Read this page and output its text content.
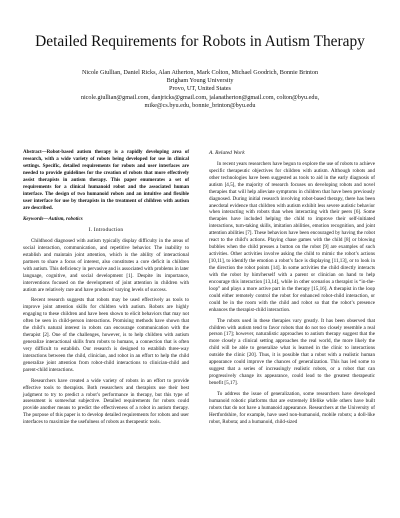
Detailed Requirements for Robots in Autism Therapy
Nicole Giullian, Daniel Ricks, Alan Atherton, Mark Colton, Michael Goodrich, Bonnie Brinton
Brigham Young University
Provo, UT, United States
nicole.giullian@gmail.com, danjricks@gmail.com, jalanatherton@gmail.com, colton@byu.edu,
mike@cs.byu.edu, bonnie_brinton@byu.edu

Abstract—Robot-based autism therapy is a rapidly developing area of research, with a wide variety of robots being developed for use in clinical settings. Specific, detailed requirements for robots and user interfaces are needed to provide guidelines for the creation of robots that more effectively assist therapists in autism therapy. This paper enumerates a set of requirements for a clinical humanoid robot and the associated human interface. The design of two humanoid robots and an intuitive and flexible user interface for use by therapists in the treatment of children with autism are described.

Keywords—Autism, robotics

I. Introduction

Childhood diagnosed with autism typically display difficulty in the areas of social interaction, communication, and repetitive behavior. The inability to establish and maintain joint attention, which is the ability of interactional partners to share a focus of interest, also constitutes a core deficit in children with autism. This deficiency in pervasive and is associated with problems in later language, cognitive, and social development [1]. Despite its importance, interventions focused on the development of joint attention in children with autism are relatively rare and have produced varying levels of success.

Recent research suggests that robots may be used effectively as tools to improve joint attention skills for children with autism. Robots are highly engaging to these children and have been shown to elicit behaviors that may not often be seen in child-person interactions. Promising methods have shown that the child’s natural interest in robots can encourage communication with the therapist [2]. One of the challenges, however, is to help children with autism generalize interactional skills from robots to humans, a connection that is often very difficult to establish. Our research is designed to establish three-way interactions between the child, clinician, and robot in an effort to help the child generalize joint attention from robot-child interactions to clinician-child and parent-child interactions.

Researchers have created a wide variety of robots in an effort to provide effective tools to therapists. Both researchers and therapists use their best judgment to try to predict a robot’s performance in therapy, but this type of assessment is somewhat subjective. Detailed requirements for robots could provide another means to predict the effectiveness of a robot in autism therapy. The purpose of this paper is to develop detailed requirements for robots and user interfaces to maximize the usefulness of robots as therapeutic tools.

A. Related Work

In recent years researchers have begun to explore the use of robots to achieve specific therapeutic objectives for children with autism. Although robots and other technologies have been suggested as tools to aid in the early diagnosis of autism [4,5], the majority of research focuses on developing robots and novel therapies that will help alleviate symptoms in children that have been previously diagnosed. During initial research involving robot-based therapy, there has been anecdotal evidence that children with autism exhibit less severe autistic behavior when interacting with robots than when interacting with their peers [6]. Some therapies have included helping the child to improve their self-initiated interactions, turn-taking skills, imitation abilities, emotion recognition, and joint attention abilities [7]. These behaviors have been encouraged by having the robot react to the child’s actions. Playing chase games with the child [8] or blowing bubbles when the child presses a button on the robot [9] are examples of such activities. Other activities involve asking the child to mimic the robot’s actions [10,11], to identify the emotion a robot’s face is displaying [11,13], or to look in the direction the robot points [14]. In some activities the child directly interacts with the robot by him/herself with a parent or clinician on hand to help encourage this interaction [13,14], while in other scenarios a therapist is “in-the-loop” and plays a more active part in the therapy [15,16]. A therapist in the loop could either remotely control the robot for enhanced robot-child interaction, or could be in the room with the child and robot so that the robot’s presence enhances the therapist-child interaction.

The robots used in these therapies vary greatly. It has been observed that children with autism tend to favor robots that do not too closely resemble a real person [17]; however, naturalistic approaches to autism therapy suggest that the more closely a clinical setting approaches the real world, the more likely the child will be able to generalize what is learned in the clinic to interactions outside the clinic [20]. Thus, it is possible that a robot with a realistic human appearance could improve the chances of generalization. This has led some to suggest that a series of increasingly realistic robots, or a robot that can progressively change its appearance, could lead to the greatest therapeutic benefit [5,17].

To address the issue of generalization, some researchers have developed humanoid robotic platforms that are extremely lifelike while others have built robots that do not have a humanoid appearance. Researchers at the University of Hertfordshire, for example, have used non-humanoid, mobile robots; a doll-like robot, Robota; and a humanoid, child-sized
